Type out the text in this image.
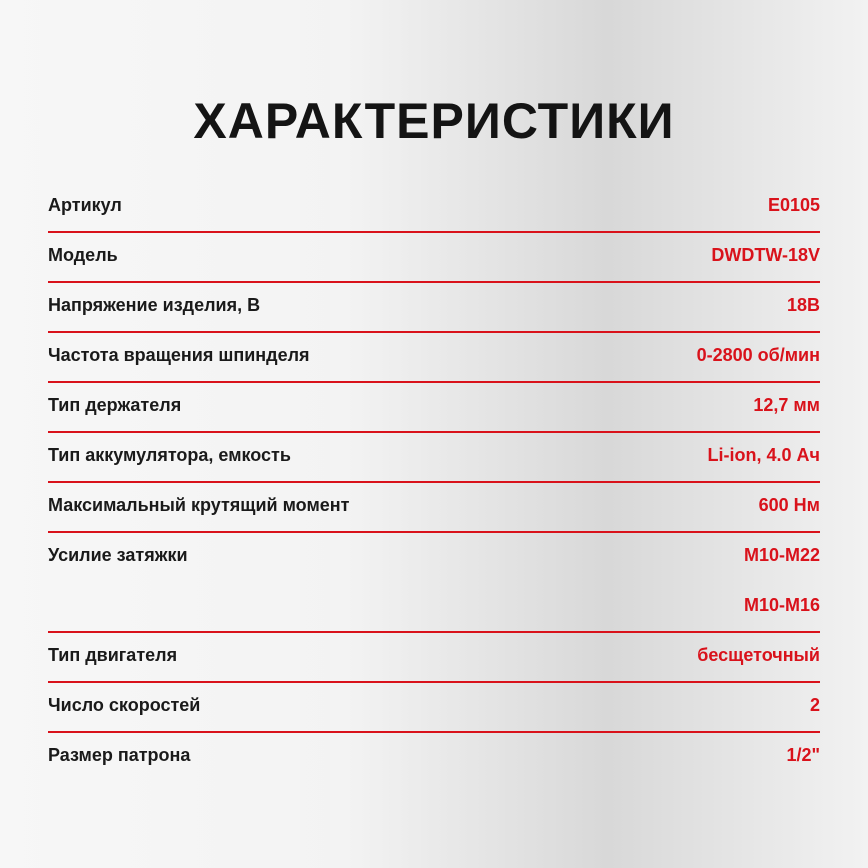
ХАРАКТЕРИСТИКИ
Артикул	E0105
Модель	DWDTW-18V
Напряжение изделия, В	18В
Частота вращения шпинделя	0-2800 об/мин
Тип держателя	12,7 мм
Тип аккумулятора, емкость	Li-ion, 4.0 Ач
Максимальный крутящий момент	600 Нм
Усилие затяжки	M10-M22
M10-M16
Тип двигателя	бесщеточный
Число скоростей	2
Размер патрона	1/2"
